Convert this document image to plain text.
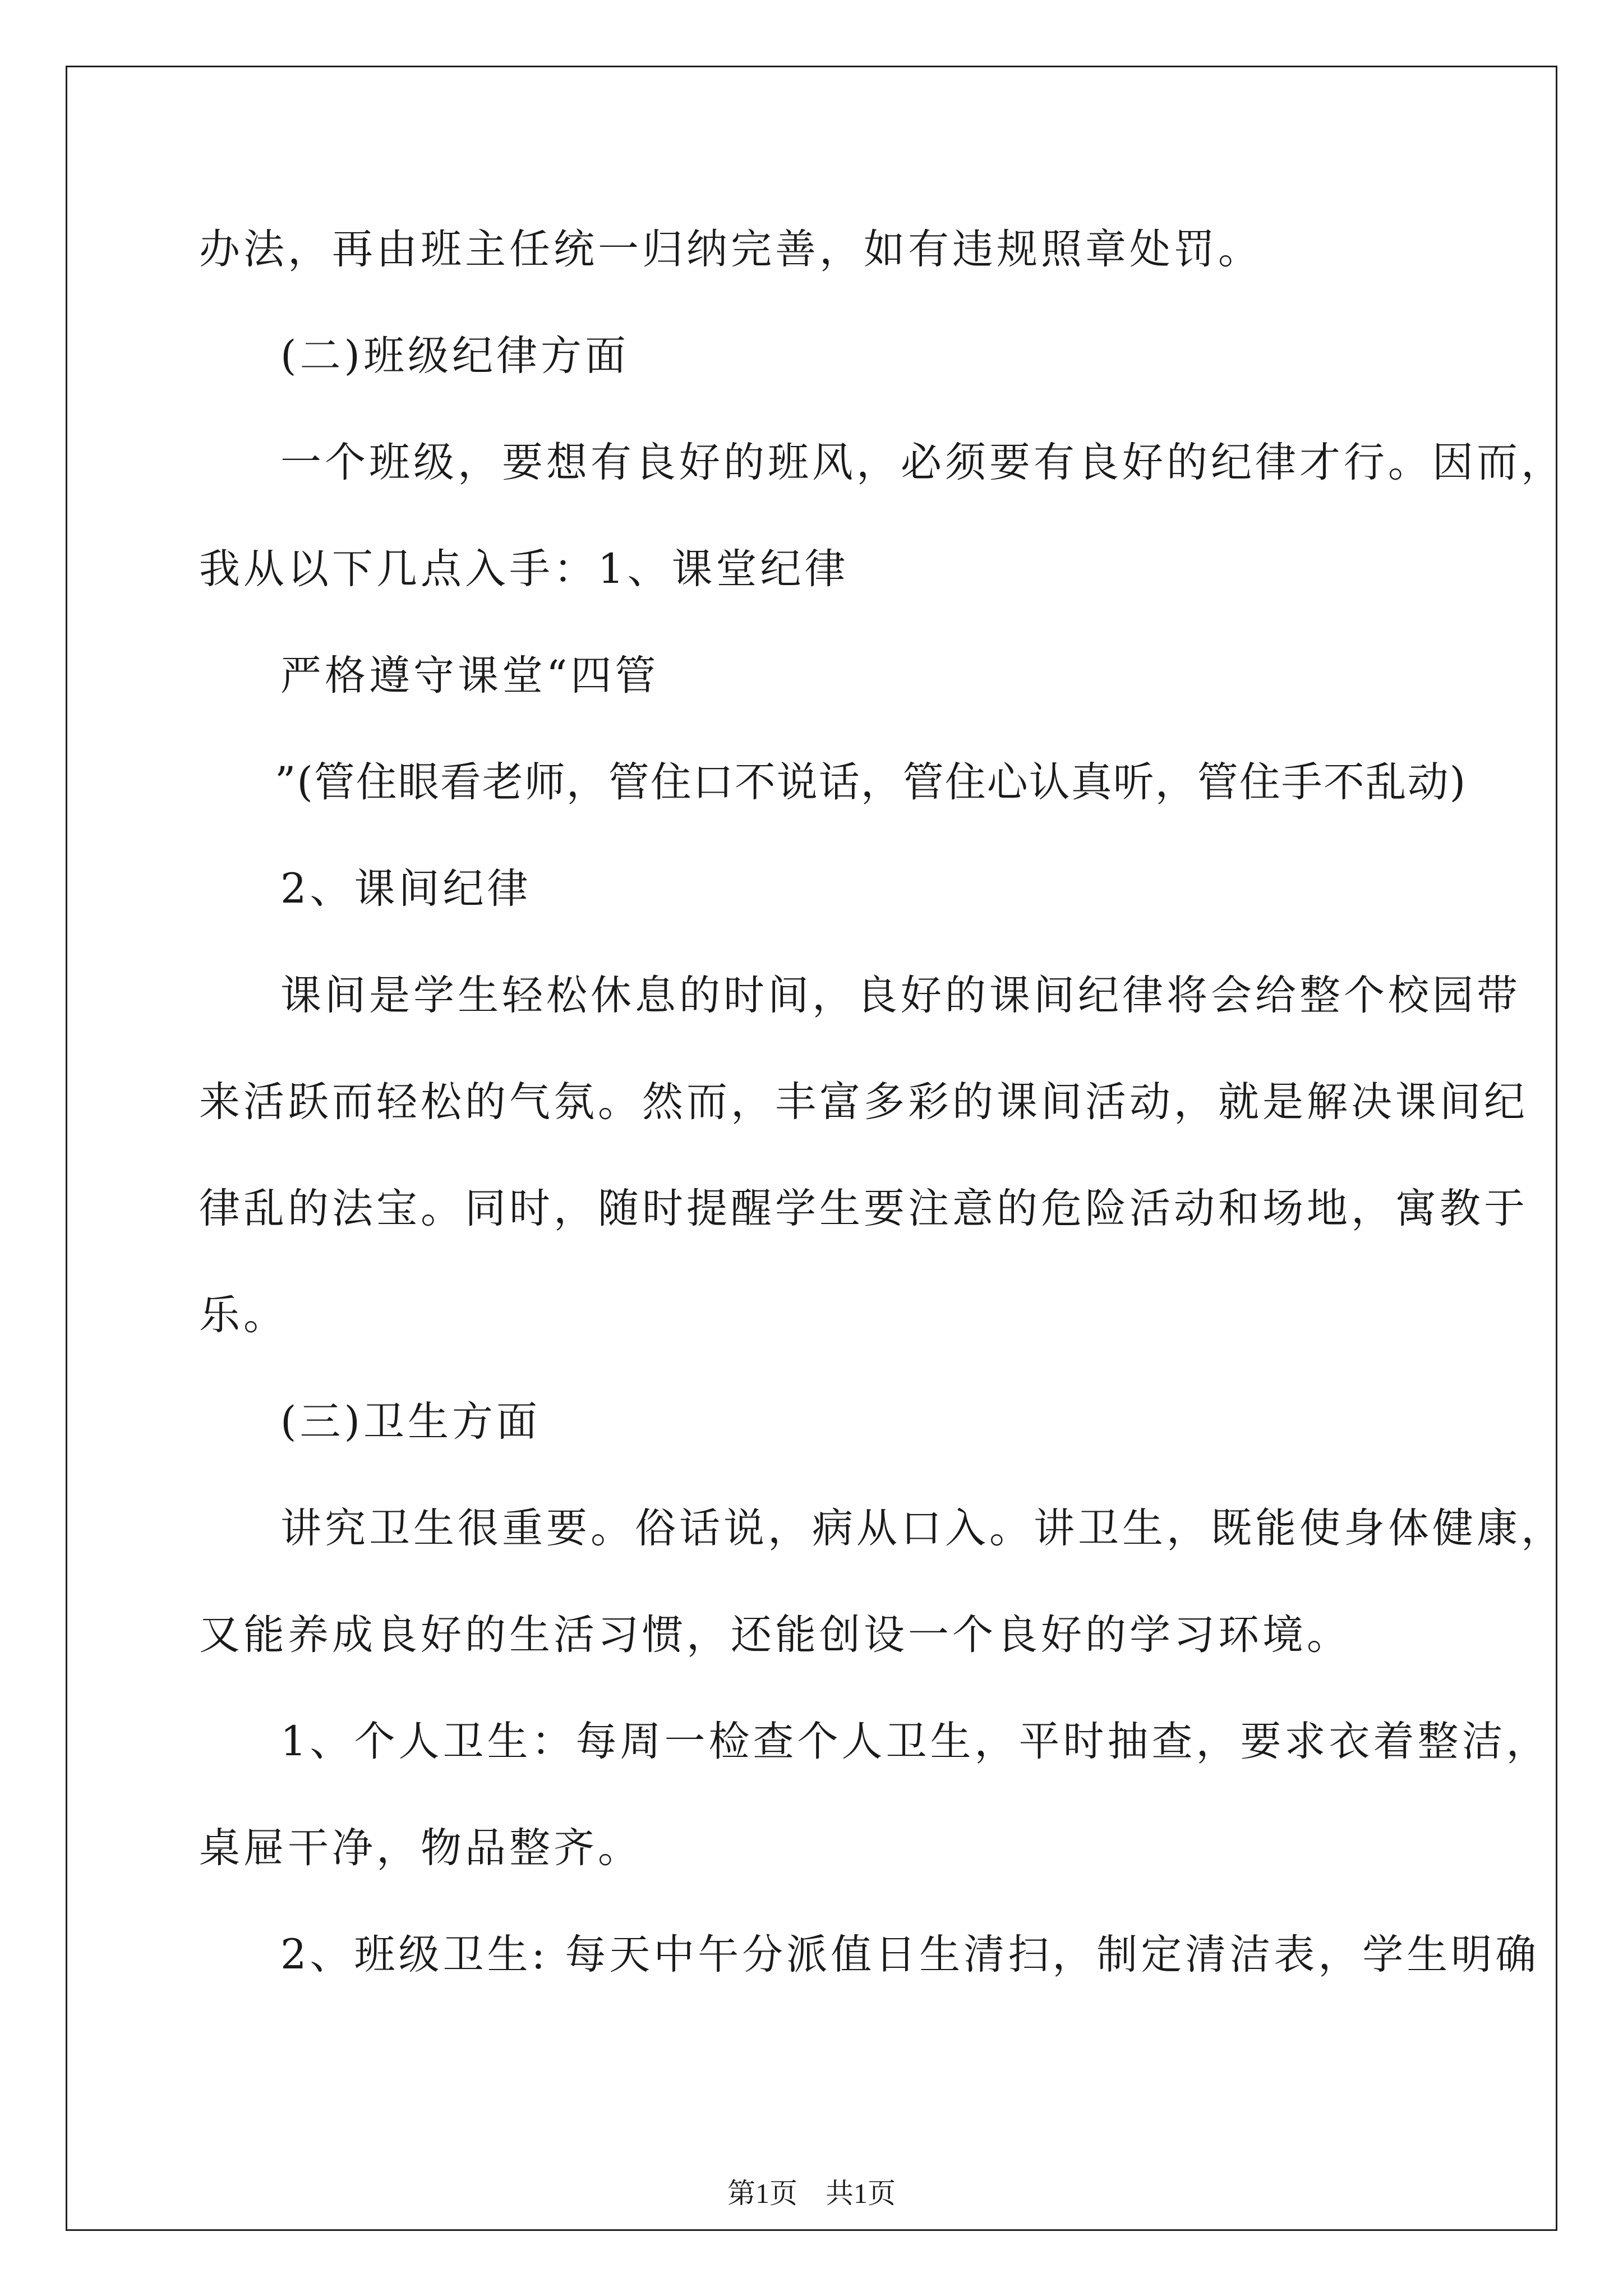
办法，再由班主任统一归纳完善，如有违规照章处罚。
(二)班级纪律方面
一个班级，要想有良好的班风，必须要有良好的纪律才行。因而，
我从以下几点入手：1、课堂纪律
严格遵守课堂“四管
”(管住眼看老师，管住口不说话，管住心认真听，管住手不乱动)
2、课间纪律
课间是学生轻松休息的时间，良好的课间纪律将会给整个校园带
来活跃而轻松的气氛。然而，丰富多彩的课间活动，就是解决课间纪
律乱的法宝。同时，随时提醒学生要注意的危险活动和场地，寓教于
乐。
(三)卫生方面
讲究卫生很重要。俗话说，病从口入。讲卫生，既能使身体健康，
又能养成良好的生活习惯，还能创设一个良好的学习环境。
1、个人卫生：每周一检查个人卫生，平时抽查，要求衣着整洁，
桌屉干净，物品整齐。
2、班级卫生: 每天中午分派值日生清扫，制定清洁表，学生明确
第1页　共1页
